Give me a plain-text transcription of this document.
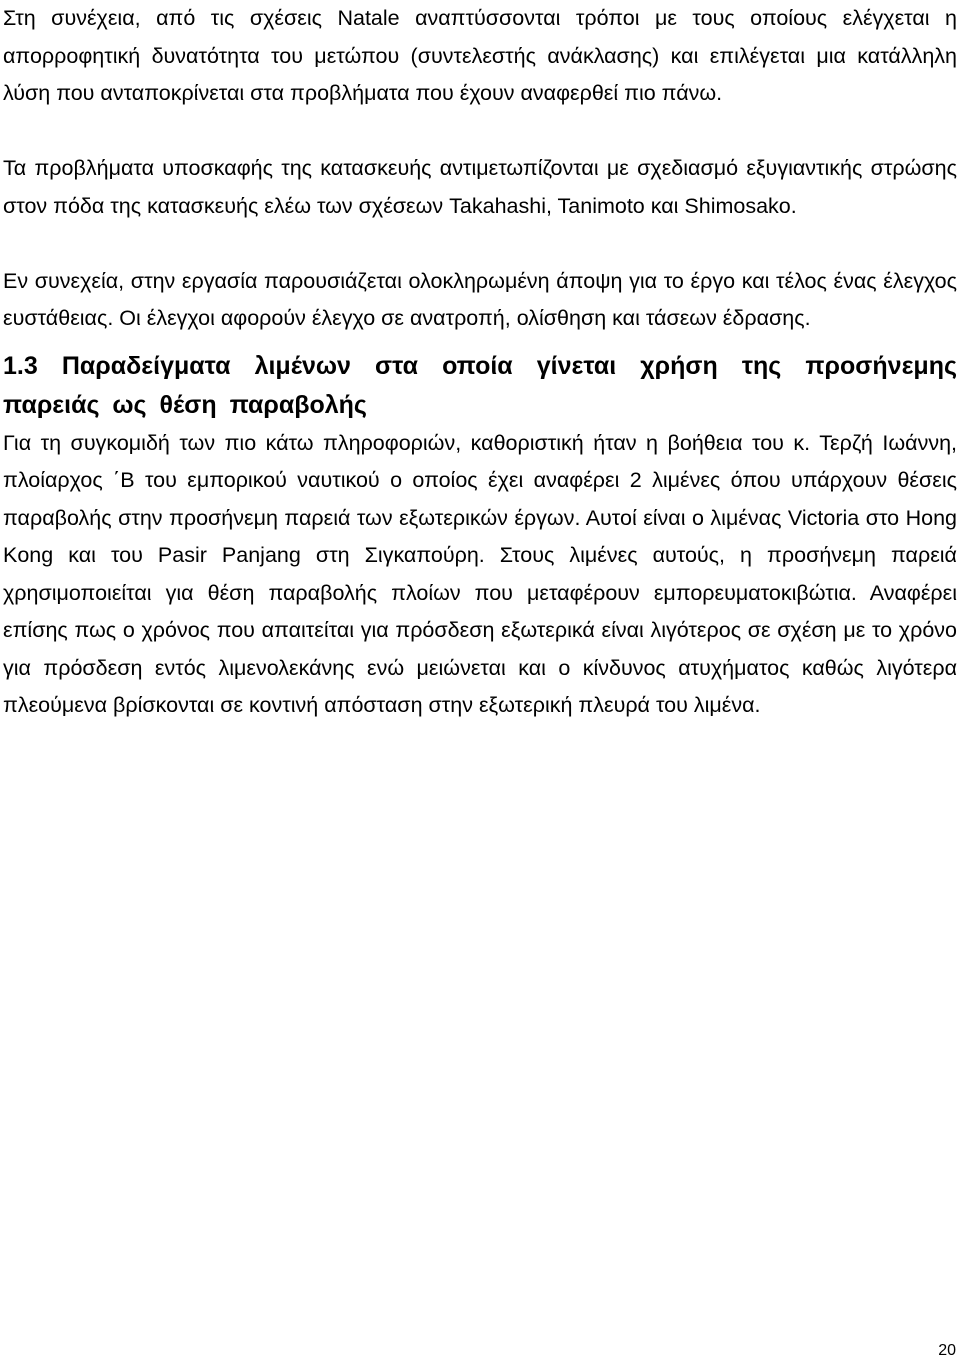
Στη συνέχεια, από τις σχέσεις Natale αναπτύσσονται τρόποι με τους οποίους ελέγχεται η απορροφητική δυνατότητα του μετώπου (συντελεστής ανάκλασης) και επιλέγεται μια κατάλληλη λύση που ανταποκρίνεται στα προβλήματα που έχουν αναφερθεί πιο πάνω.

Τα προβλήματα υποσκαφής της κατασκευής αντιμετωπίζονται με σχεδιασμό εξυγιαντικής στρώσης στον πόδα της κατασκευής ελέω των σχέσεων Takahashi, Tanimoto και Shimosako.

Εν συνεχεία, στην εργασία παρουσιάζεται ολοκληρωμένη άποψη για το έργο και τέλος ένας έλεγχος ευστάθειας. Οι έλεγχοι αφορούν έλεγχο σε ανατροπή, ολίσθηση και τάσεων έδρασης.

1.3 Παραδείγματα λιμένων στα οποία γίνεται χρήση της προσήνεμης παρειάς ως θέση παραβολής

Για τη συγκομιδή των πιο κάτω πληροφοριών, καθοριστική ήταν η βοήθεια του κ. Τερζή Ιωάννη, πλοίαρχος ΄Β του εμπορικού ναυτικού ο οποίος έχει αναφέρει 2 λιμένες όπου υπάρχουν θέσεις παραβολής στην προσήνεμη παρειά των εξωτερικών έργων. Αυτοί είναι ο λιμένας Victoria στο Hong Kong και του Pasir Panjang στη Σιγκαπούρη. Στους λιμένες αυτούς, η προσήνεμη παρειά χρησιμοποιείται για θέση παραβολής πλοίων που μεταφέρουν εμπορευματοκιβώτια. Αναφέρει επίσης πως ο χρόνος που απαιτείται για πρόσδεση εξωτερικά είναι λιγότερος σε σχέση με το χρόνο για πρόσδεση εντός λιμενολεκάνης ενώ μειώνεται και ο κίνδυνος ατυχήματος καθώς λιγότερα πλεούμενα βρίσκονται σε κοντινή απόσταση στην εξωτερική πλευρά του λιμένα.

20
